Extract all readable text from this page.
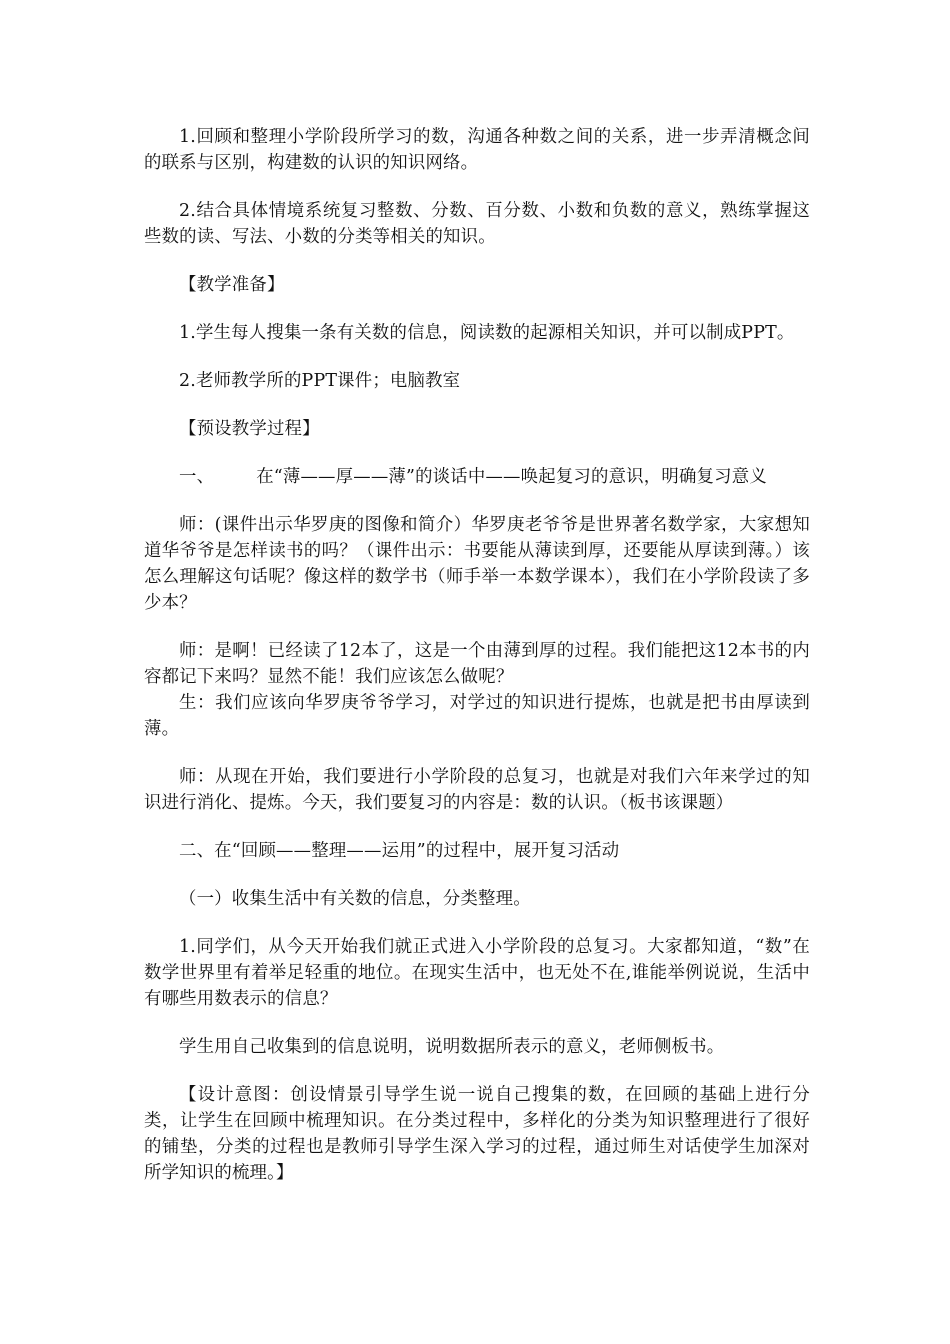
1.回顾和整理小学阶段所学习的数，沟通各种数之间的关系，进一步弄清概念间的联系与区别，构建数的认识的知识网络。

2.结合具体情境系统复习整数、分数、百分数、小数和负数的意义，熟练掌握这些数的读、写法、小数的分类等相关的知识。

【教学准备】

1.学生每人搜集一条有关数的信息，阅读数的起源相关知识，并可以制成PPT。

2.老师教学所的PPT课件；电脑教室

【预设教学过程】

一、 在“薄——厚——薄”的谈话中——唤起复习的意识，明确复习意义

师：(课件出示华罗庚的图像和简介）华罗庚老爷爷是世界著名数学家，大家想知道华爷爷是怎样读书的吗？（课件出示：书要能从薄读到厚，还要能从厚读到薄。）该怎么理解这句话呢？像这样的数学书（师手举一本数学课本），我们在小学阶段读了多少本？

师：是啊！已经读了12本了，这是一个由薄到厚的过程。我们能把这12本书的内容都记下来吗？显然不能！我们应该怎么做呢？

生：我们应该向华罗庚爷爷学习，对学过的知识进行提炼，也就是把书由厚读到薄。

师：从现在开始，我们要进行小学阶段的总复习，也就是对我们六年来学过的知识进行消化、提炼。今天，我们要复习的内容是：数的认识。（板书该课题）

二、在“回顾——整理——运用”的过程中，展开复习活动

（一）收集生活中有关数的信息，分类整理。

1.同学们，从今天开始我们就正式进入小学阶段的总复习。大家都知道，“数”在数学世界里有着举足轻重的地位。在现实生活中，也无处不在,谁能举例说说，生活中有哪些用数表示的信息？

学生用自己收集到的信息说明，说明数据所表示的意义，老师侧板书。

【设计意图：创设情景引导学生说一说自己搜集的数，在回顾的基础上进行分类，让学生在回顾中梳理知识。在分类过程中，多样化的分类为知识整理进行了很好的铺垫，分类的过程也是教师引导学生深入学习的过程，通过师生对话使学生加深对所学知识的梳理。】
